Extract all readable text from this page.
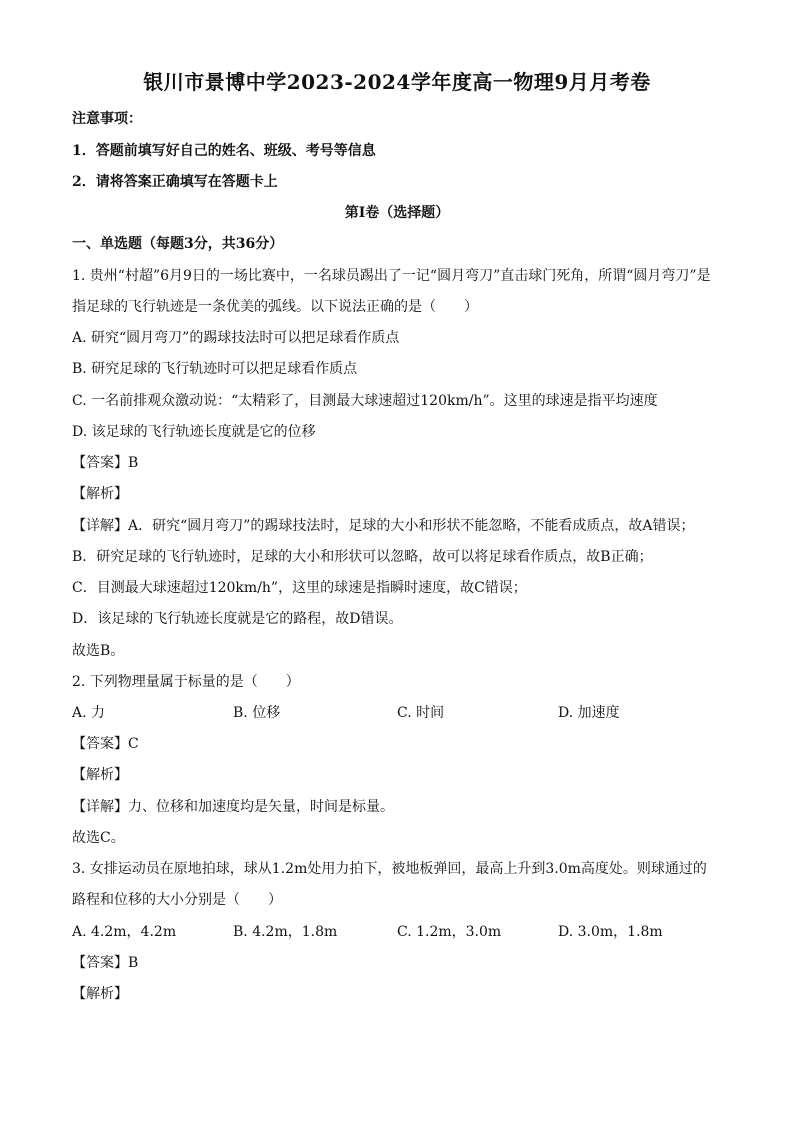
银川市景博中学2023-2024学年度高一物理9月月考卷
注意事项：
1．答题前填写好自己的姓名、班级、考号等信息
2．请将答案正确填写在答题卡上
第I卷（选择题）
一、单选题（每题3分，共36分）
1. 贵州“村超”6月9日的一场比赛中，一名球员踢出了一记“圆月弯刀”直击球门死角，所谓“圆月弯刀”是
指足球的飞行轨迹是一条优美的弧线。以下说法正确的是（　　）
A. 研究“圆月弯刀”的踢球技法时可以把足球看作质点
B. 研究足球的飞行轨迹时可以把足球看作质点
C. 一名前排观众激动说：“太精彩了，目测最大球速超过120km/h”。这里的球速是指平均速度
D. 该足球的飞行轨迹长度就是它的位移
【答案】B
【解析】
【详解】A．研究“圆月弯刀”的踢球技法时，足球的大小和形状不能忽略，不能看成质点，故A错误；
B．研究足球的飞行轨迹时，足球的大小和形状可以忽略，故可以将足球看作质点，故B正确；
C．目测最大球速超过120km/h”，这里的球速是指瞬时速度，故C错误；
D．该足球的飞行轨迹长度就是它的路程，故D错误。
故选B。
2. 下列物理量属于标量的是（　　）
A. 力	B. 位移	C. 时间	D. 加速度
【答案】C
【解析】
【详解】力、位移和加速度均是矢量，时间是标量。
故选C。
3. 女排运动员在原地拍球，球从1.2m处用力拍下，被地板弹回，最高上升到3.0m高度处。则球通过的
路程和位移的大小分别是（　　）
A. 4.2m，4.2m	B. 4.2m，1.8m	C. 1.2m，3.0m	D. 3.0m，1.8m
【答案】B
【解析】
